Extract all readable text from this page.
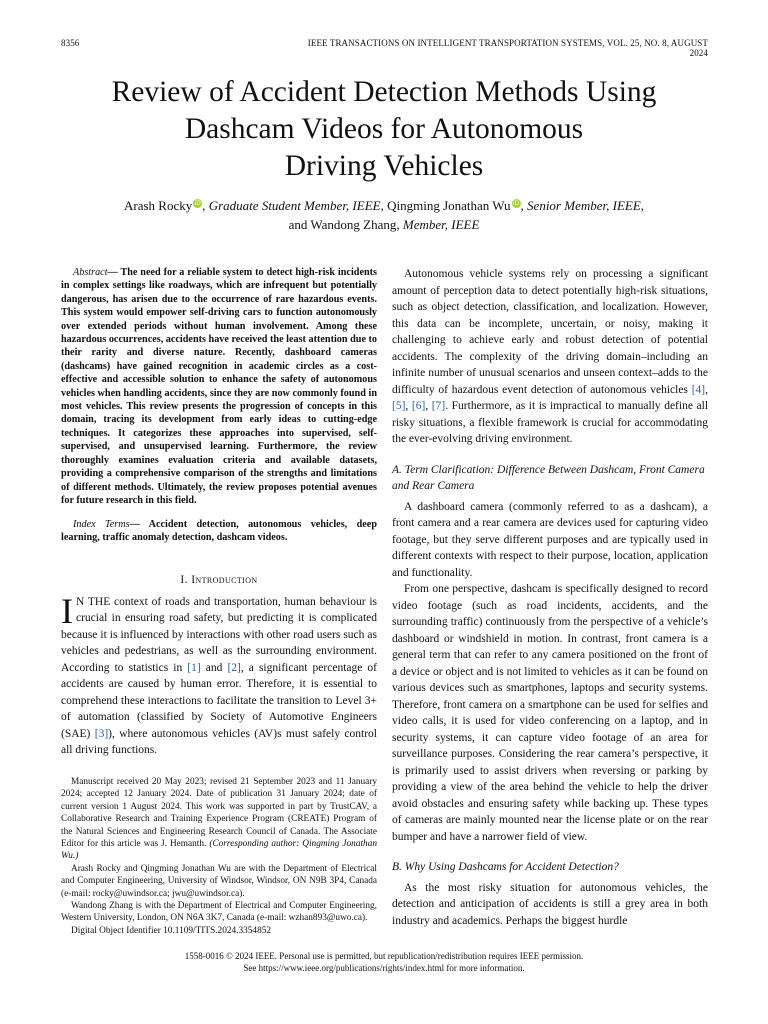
8356	IEEE TRANSACTIONS ON INTELLIGENT TRANSPORTATION SYSTEMS, VOL. 25, NO. 8, AUGUST 2024
Review of Accident Detection Methods Using
Dashcam Videos for Autonomous
Driving Vehicles
Arash Rocky iD, Graduate Student Member, IEEE, Qingming Jonathan Wu iD, Senior Member, IEEE,
and Wandong Zhang, Member, IEEE
Abstract— The need for a reliable system to detect high-risk incidents in complex settings like roadways, which are infrequent but potentially dangerous, has arisen due to the occurrence of rare hazardous events. This system would empower self-driving cars to function autonomously over extended periods without human involvement. Among these hazardous occurrences, accidents have received the least attention due to their rarity and diverse nature. Recently, dashboard cameras (dashcams) have gained recognition in academic circles as a cost-effective and accessible solution to enhance the safety of autonomous vehicles when handling accidents, since they are now commonly found in most vehicles. This review presents the progression of concepts in this domain, tracing its development from early ideas to cutting-edge techniques. It categorizes these approaches into supervised, self-supervised, and unsupervised learning. Furthermore, the review thoroughly examines evaluation criteria and available datasets, providing a comprehensive comparison of the strengths and limitations of different methods. Ultimately, the review proposes potential avenues for future research in this field.
Index Terms— Accident detection, autonomous vehicles, deep learning, traffic anomaly detection, dashcam videos.

I. Introduction

I N THE context of roads and transportation, human behaviour is crucial in ensuring road safety, but predicting it is complicated because it is influenced by interactions with other road users such as vehicles and pedestrians, as well as the surrounding environment. According to statistics in [1] and [2], a significant percentage of accidents are caused by human error. Therefore, it is essential to comprehend these interactions to facilitate the transition to Level 3+ of automation (classified by Society of Automotive Engineers (SAE) [3]), where autonomous vehicles (AV)s must safely control all driving functions.

Manuscript received 20 May 2023; revised 21 September 2023 and 11 January 2024; accepted 12 January 2024. Date of publication 31 January 2024; date of current version 1 August 2024. This work was supported in part by TrustCAV, a Collaborative Research and Training Experience Program (CREATE) Program of the Natural Sciences and Engineering Research Council of Canada. The Associate Editor for this article was J. Hemanth. (Corresponding author: Qingming Jonathan Wu.)

Arash Rocky and Qingming Jonathan Wu are with the Department of Electrical and Computer Engineering, University of Windsor, Windsor, ON N9B 3P4, Canada (e-mail: rocky@uwindsor.ca; jwu@uwindsor.ca).

Wandong Zhang is with the Department of Electrical and Computer Engineering, Western University, London, ON N6A 3K7, Canada (e-mail: wzhan893@uwo.ca).

Digital Object Identifier 10.1109/TITS.2024.3354852

Autonomous vehicle systems rely on processing a significant amount of perception data to detect potentially high-risk situations, such as object detection, classification, and localization. However, this data can be incomplete, uncertain, or noisy, making it challenging to achieve early and robust detection of potential accidents. The complexity of the driving domain–including an infinite number of unusual scenarios and unseen context–adds to the difficulty of hazardous event detection of autonomous vehicles [4], [5], [6], [7]. Furthermore, as it is impractical to manually define all risky situations, a flexible framework is crucial for accommodating the ever-evolving driving environment.

A. Term Clarification: Difference Between Dashcam, Front Camera and Rear Camera

A dashboard camera (commonly referred to as a dashcam), a front camera and a rear camera are devices used for capturing video footage, but they serve different purposes and are typically used in different contexts with respect to their purpose, location, application and functionality.

From one perspective, dashcam is specifically designed to record video footage (such as road incidents, accidents, and the surrounding traffic) continuously from the perspective of a vehicle’s dashboard or windshield in motion. In contrast, front camera is a general term that can refer to any camera positioned on the front of a device or object and is not limited to vehicles as it can be found on various devices such as smartphones, laptops and security systems. Therefore, front camera on a smartphone can be used for selfies and video calls, it is used for video conferencing on a laptop, and in security systems, it can capture video footage of an area for surveillance purposes. Considering the rear camera’s perspective, it is primarily used to assist drivers when reversing or parking by providing a view of the area behind the vehicle to help the driver avoid obstacles and ensuring safety while backing up. These types of cameras are mainly mounted near the license plate or on the rear bumper and have a narrower field of view.

B. Why Using Dashcams for Accident Detection?

As the most risky situation for autonomous vehicles, the detection and anticipation of accidents is still a grey area in both industry and academics. Perhaps the biggest hurdle

1558-0016 © 2024 IEEE. Personal use is permitted, but republication/redistribution requires IEEE permission.
See https://www.ieee.org/publications/rights/index.html for more information.
